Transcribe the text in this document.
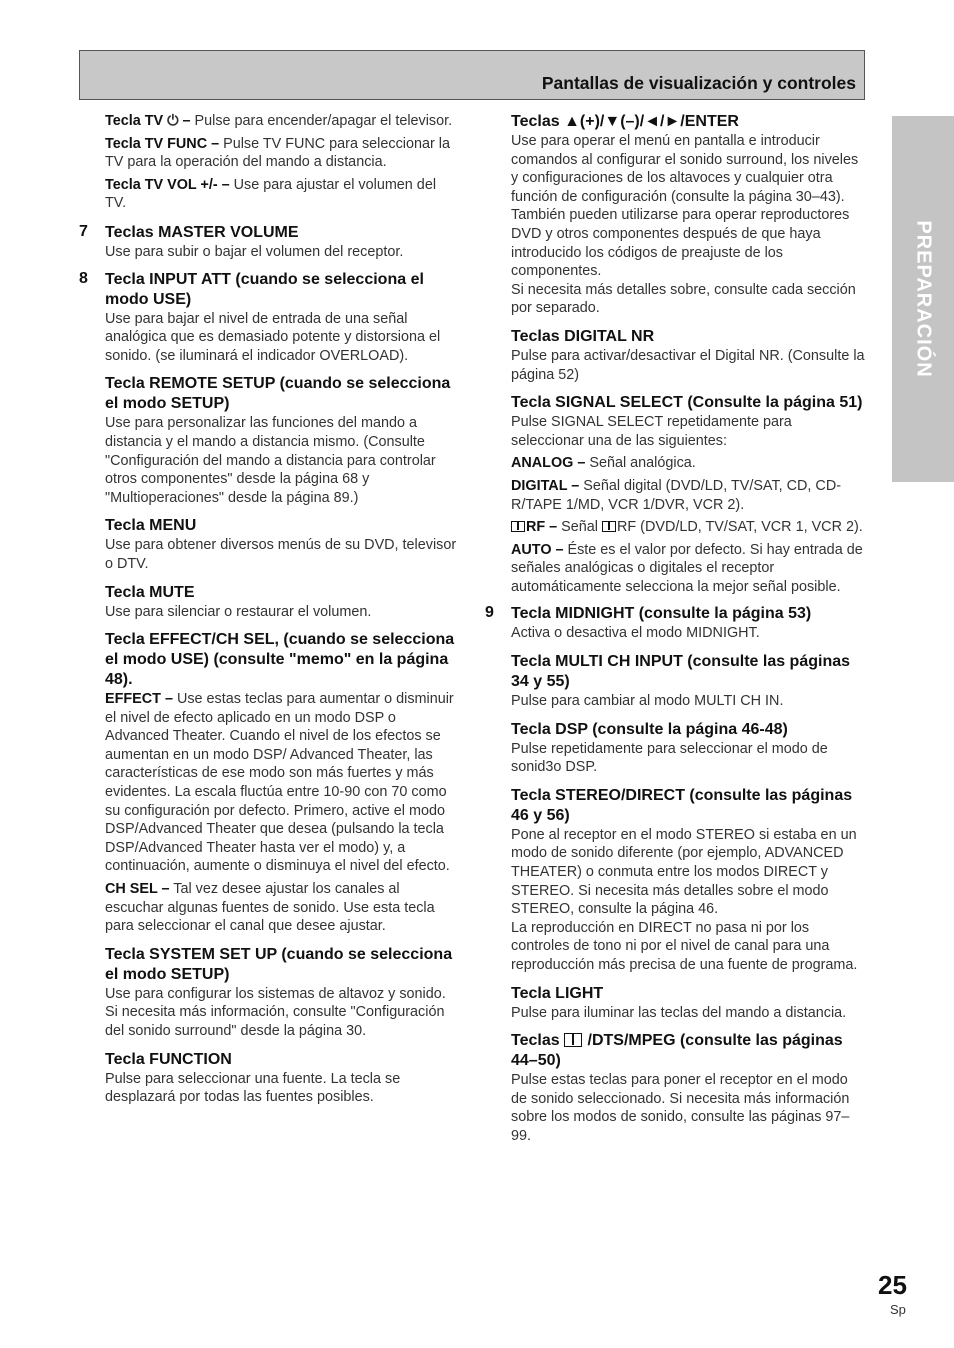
Pantallas de visualización y controles
PREPARACIÓN
Tecla TV ⏻ – Pulse para encender/apagar el televisor.
Tecla TV FUNC – Pulse TV FUNC para seleccionar la TV para la operación del mando a distancia.
Tecla TV VOL +/- – Use para ajustar el volumen del TV.
7 Teclas MASTER VOLUME
Use para subir o bajar el volumen del receptor.
8 Tecla INPUT ATT (cuando se selecciona el modo USE)
Use para bajar el nivel de entrada de una señal analógica que es demasiado potente y distorsiona el sonido. (se iluminará el indicador OVERLOAD).
Tecla REMOTE SETUP (cuando se selecciona el modo SETUP)
Use para personalizar las funciones del mando a distancia y el mando a distancia mismo. (Consulte "Configuración del mando a distancia para controlar otros componentes" desde la página 68 y "Multioperaciones" desde la página 89.)
Tecla MENU
Use para obtener diversos menús de su DVD, televisor o DTV.
Tecla MUTE
Use para silenciar o restaurar el volumen.
Tecla EFFECT/CH SEL, (cuando se selecciona el modo USE) (consulte "memo" en la página 48).
EFFECT – Use estas teclas para aumentar o disminuir el nivel de efecto aplicado en un modo DSP o Advanced Theater. Cuando el nivel de los efectos se aumentan en un modo DSP/ Advanced Theater, las características de ese modo son más fuertes y más evidentes. La escala fluctúa entre 10-90 con 70 como su configuración por defecto. Primero, active el modo DSP/Advanced Theater que desea (pulsando la tecla DSP/Advanced Theater hasta ver el modo) y, a continuación, aumente o disminuya el nivel del efecto.
CH SEL – Tal vez desee ajustar los canales al escuchar algunas fuentes de sonido. Use esta tecla para seleccionar el canal que desee ajustar.
Tecla SYSTEM SET UP (cuando se selecciona el modo SETUP)
Use para configurar los sistemas de altavoz y sonido. Si necesita más información, consulte "Configuración del sonido surround" desde la página 30.
Tecla FUNCTION
Pulse para seleccionar una fuente. La tecla se desplazará por todas las fuentes posibles.
Teclas ▲(+)/▼(–)/◄/►/ENTER
Use para operar el menú en pantalla e introducir comandos al configurar el sonido surround, los niveles y configuraciones de los altavoces y cualquier otra función de configuración (consulte la página 30–43). También pueden utilizarse para operar reproductores DVD y otros componentes después de que haya introducido los códigos de preajuste de los componentes.
Si necesita más detalles sobre, consulte cada sección por separado.
Teclas DIGITAL NR
Pulse para activar/desactivar el Digital NR. (Consulte la página 52)
Tecla SIGNAL SELECT (Consulte la página 51)
Pulse SIGNAL SELECT repetidamente para seleccionar una de las siguientes:
ANALOG – Señal analógica.
DIGITAL – Señal digital (DVD/LD, TV/SAT, CD, CD-R/TAPE 1/MD, VCR 1/DVR, VCR 2).
RF – Señal RF (DVD/LD, TV/SAT, VCR 1, VCR 2).
AUTO – Éste es el valor por defecto. Si hay entrada de señales analógicas o digitales el receptor automáticamente selecciona la mejor señal posible.
9 Tecla MIDNIGHT (consulte la página 53)
Activa o desactiva el modo MIDNIGHT.
Tecla MULTI CH INPUT (consulte las páginas 34 y 55)
Pulse para cambiar al modo MULTI CH IN.
Tecla DSP (consulte la página 46-48)
Pulse repetidamente para seleccionar el modo de sonid3o DSP.
Tecla STEREO/DIRECT (consulte las páginas 46 y 56)
Pone al receptor en el modo STEREO si estaba en un modo de sonido diferente (por ejemplo, ADVANCED THEATER) o conmuta entre los modos DIRECT y STEREO. Si necesita más detalles sobre el modo STEREO, consulte la página 46.
La reproducción en DIRECT no pasa ni por los controles de tono ni por el nivel de canal para una reproducción más precisa de una fuente de programa.
Tecla LIGHT
Pulse para iluminar las teclas del mando a distancia.
Teclas  /DTS/MPEG (consulte las páginas 44–50)
Pulse estas teclas para poner el receptor en el modo de sonido seleccionado. Si necesita más información sobre los modos de sonido, consulte las páginas 97–99.
25
Sp
